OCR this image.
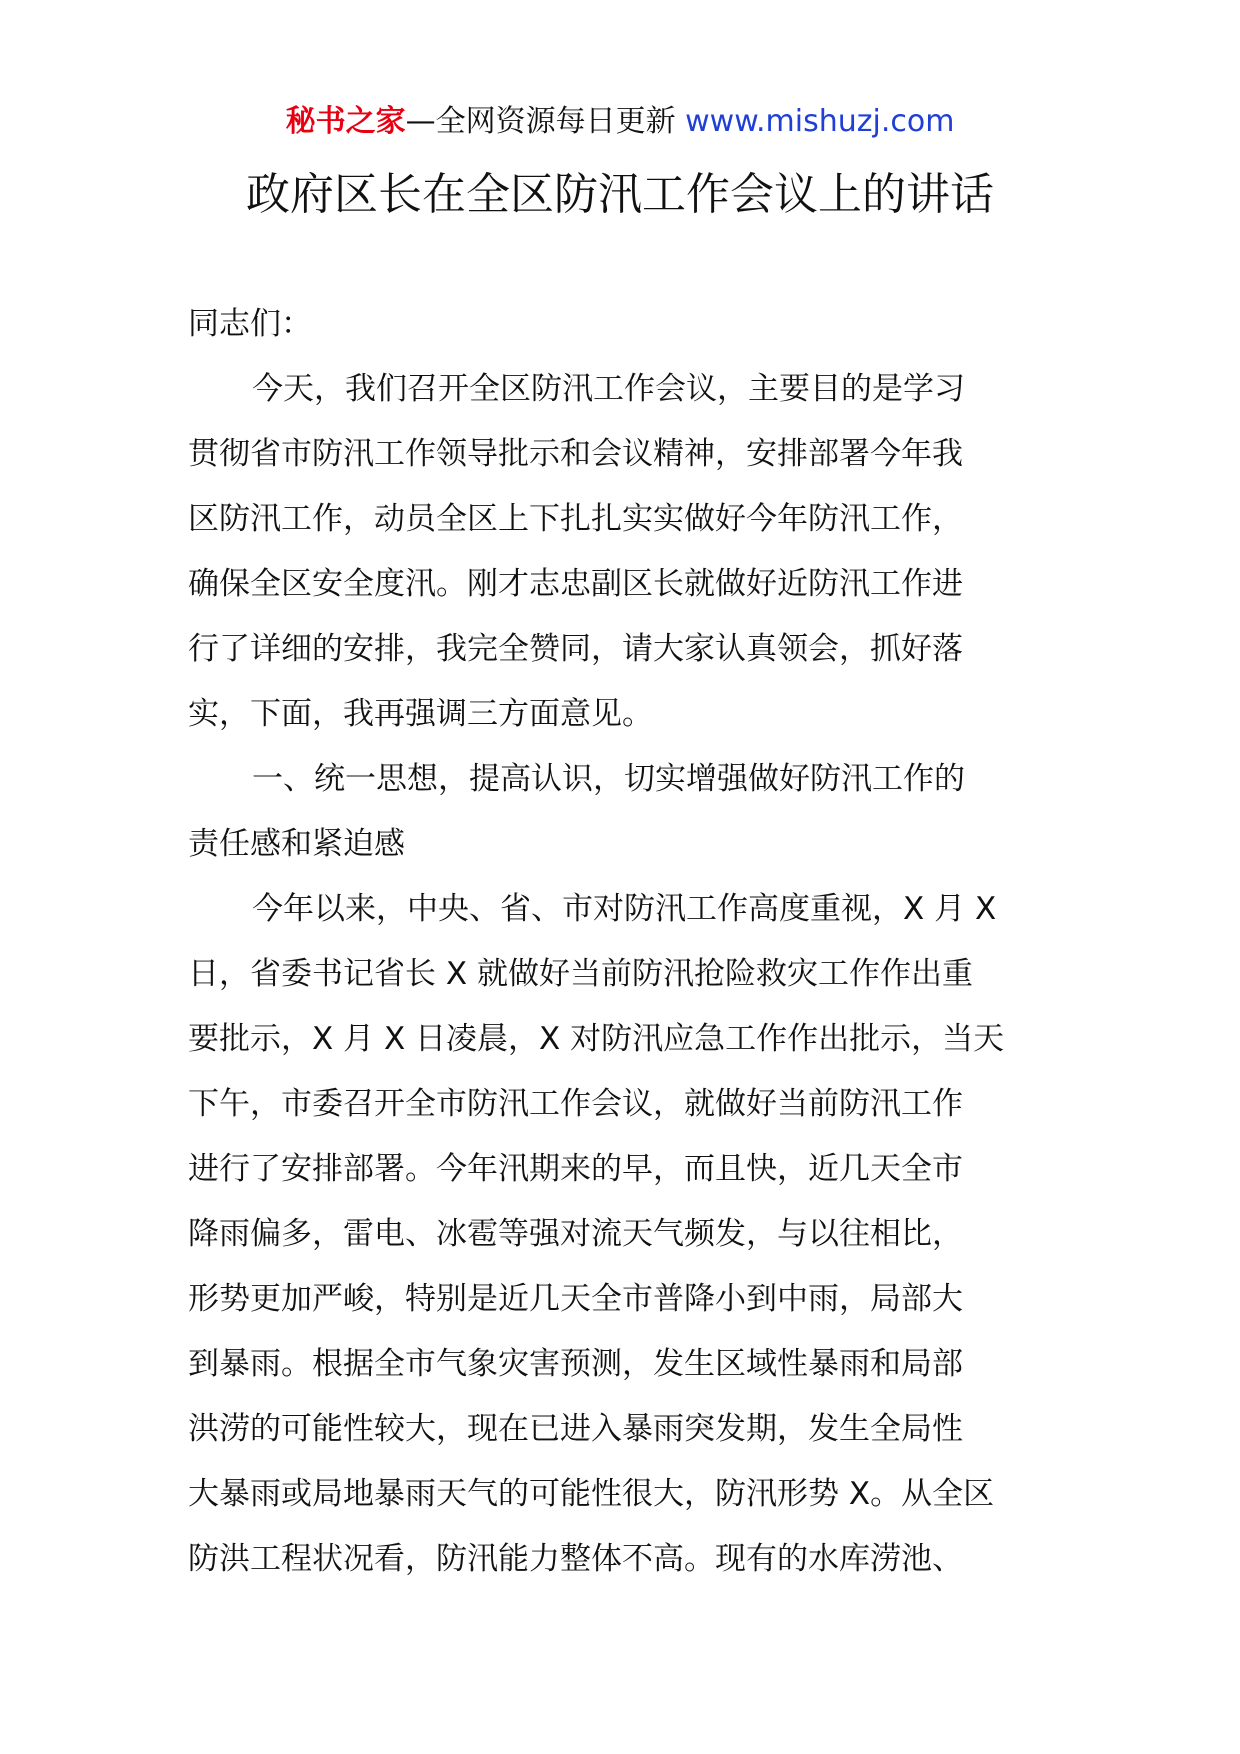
秘书之家—全网资源每日更新 www.mishuzj.com
政府区长在全区防汛工作会议上的讲话
同志们：
今天，我们召开全区防汛工作会议，主要目的是学习
贯彻省市防汛工作领导批示和会议精神，安排部署今年我
区防汛工作，动员全区上下扎扎实实做好今年防汛工作，
确保全区安全度汛。刚才志忠副区长就做好近防汛工作进
行了详细的安排，我完全赞同，请大家认真领会，抓好落
实，下面，我再强调三方面意见。
一、统一思想，提高认识，切实增强做好防汛工作的
责任感和紧迫感
今年以来，中央、省、市对防汛工作高度重视，X 月 X
日，省委书记省长 X 就做好当前防汛抢险救灾工作作出重
要批示，X 月 X 日凌晨，X 对防汛应急工作作出批示，当天
下午，市委召开全市防汛工作会议，就做好当前防汛工作
进行了安排部署。今年汛期来的早，而且快，近几天全市
降雨偏多，雷电、冰雹等强对流天气频发，与以往相比，
形势更加严峻，特别是近几天全市普降小到中雨，局部大
到暴雨。根据全市气象灾害预测，发生区域性暴雨和局部
洪涝的可能性较大，现在已进入暴雨突发期，发生全局性
大暴雨或局地暴雨天气的可能性很大，防汛形势 X。从全区
防洪工程状况看，防汛能力整体不高。现有的水库涝池、
